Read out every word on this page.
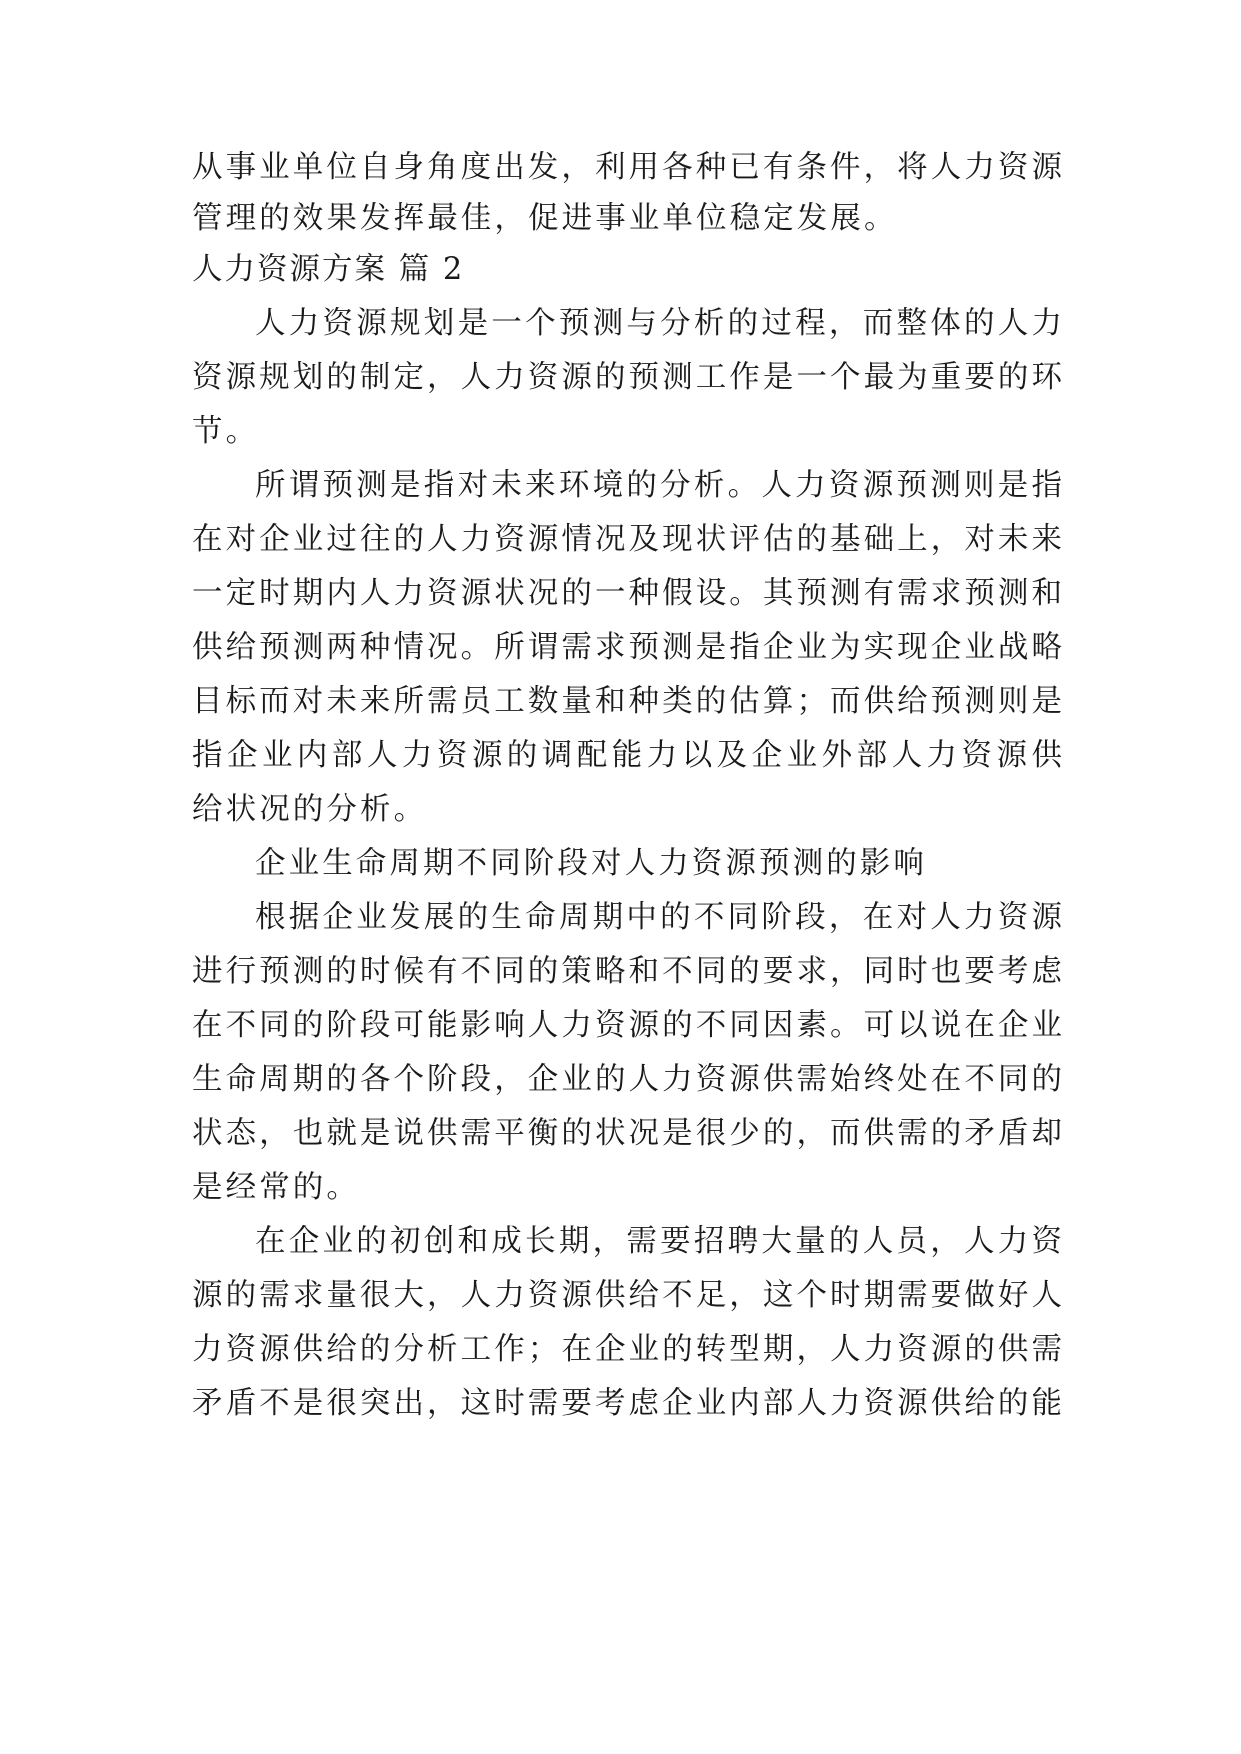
从事业单位自身角度出发，利用各种已有条件，将人力资源
管理的效果发挥最佳，促进事业单位稳定发展。
人力资源方案 篇 2
人力资源规划是一个预测与分析的过程，而整体的人力
资源规划的制定，人力资源的预测工作是一个最为重要的环
节。
所谓预测是指对未来环境的分析。人力资源预测则是指
在对企业过往的人力资源情况及现状评估的基础上，对未来
一定时期内人力资源状况的一种假设。其预测有需求预测和
供给预测两种情况。所谓需求预测是指企业为实现企业战略
目标而对未来所需员工数量和种类的估算；而供给预测则是
指企业内部人力资源的调配能力以及企业外部人力资源供
给状况的分析。
企业生命周期不同阶段对人力资源预测的影响
根据企业发展的生命周期中的不同阶段，在对人力资源
进行预测的时候有不同的策略和不同的要求，同时也要考虑
在不同的阶段可能影响人力资源的不同因素。可以说在企业
生命周期的各个阶段，企业的人力资源供需始终处在不同的
状态，也就是说供需平衡的状况是很少的，而供需的矛盾却
是经常的。
在企业的初创和成长期，需要招聘大量的人员，人力资
源的需求量很大，人力资源供给不足，这个时期需要做好人
力资源供给的分析工作；在企业的转型期，人力资源的供需
矛盾不是很突出，这时需要考虑企业内部人力资源供给的能
